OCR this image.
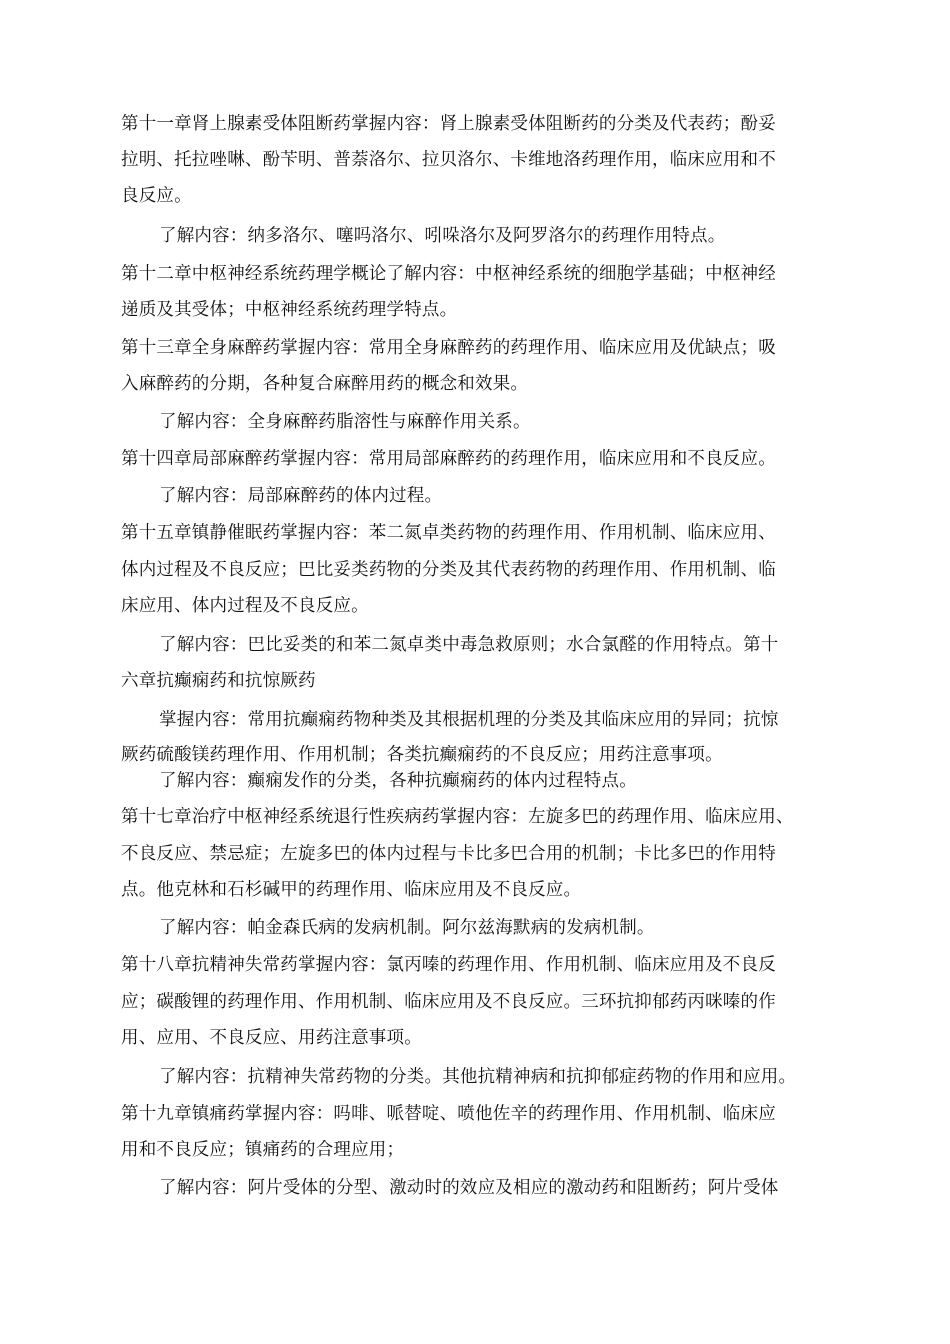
第十一章肾上腺素受体阻断药掌握内容：肾上腺素受体阻断药的分类及代表药；酚妥
拉明、托拉唑啉、酚苄明、普萘洛尔、拉贝洛尔、卡维地洛药理作用，临床应用和不
良反应。
了解内容：纳多洛尔、噻吗洛尔、吲哚洛尔及阿罗洛尔的药理作用特点。
第十二章中枢神经系统药理学概论了解内容：中枢神经系统的细胞学基础；中枢神经
递质及其受体；中枢神经系统药理学特点。
第十三章全身麻醉药掌握内容：常用全身麻醉药的药理作用、临床应用及优缺点；吸
入麻醉药的分期，各种复合麻醉用药的概念和效果。
了解内容：全身麻醉药脂溶性与麻醉作用关系。
第十四章局部麻醉药掌握内容：常用局部麻醉药的药理作用，临床应用和不良反应。
了解内容：局部麻醉药的体内过程。
第十五章镇静催眠药掌握内容：苯二氮卓类药物的药理作用、作用机制、临床应用、
体内过程及不良反应；巴比妥类药物的分类及其代表药物的药理作用、作用机制、临
床应用、体内过程及不良反应。
了解内容：巴比妥类的和苯二氮卓类中毒急救原则；水合氯醛的作用特点。第十
六章抗癫痫药和抗惊厥药
掌握内容：常用抗癫痫药物种类及其根据机理的分类及其临床应用的异同；抗惊
厥药硫酸镁药理作用、作用机制；各类抗癫痫药的不良反应；用药注意事项。
了解内容：癫痫发作的分类，各种抗癫痫药的体内过程特点。
第十七章治疗中枢神经系统退行性疾病药掌握内容：左旋多巴的药理作用、临床应用、
不良反应、禁忌症；左旋多巴的体内过程与卡比多巴合用的机制；卡比多巴的作用特
点。他克林和石杉碱甲的药理作用、临床应用及不良反应。
了解内容：帕金森氏病的发病机制。阿尔兹海默病的发病机制。
第十八章抗精神失常药掌握内容：氯丙嗪的药理作用、作用机制、临床应用及不良反
应；碳酸锂的药理作用、作用机制、临床应用及不良反应。三环抗抑郁药丙咪嗪的作
用、应用、不良反应、用药注意事项。
了解内容：抗精神失常药物的分类。其他抗精神病和抗抑郁症药物的作用和应用。
第十九章镇痛药掌握内容：吗啡、哌替啶、喷他佐辛的药理作用、作用机制、临床应
用和不良反应；镇痛药的合理应用；
了解内容：阿片受体的分型、激动时的效应及相应的激动药和阻断药；阿片受体
